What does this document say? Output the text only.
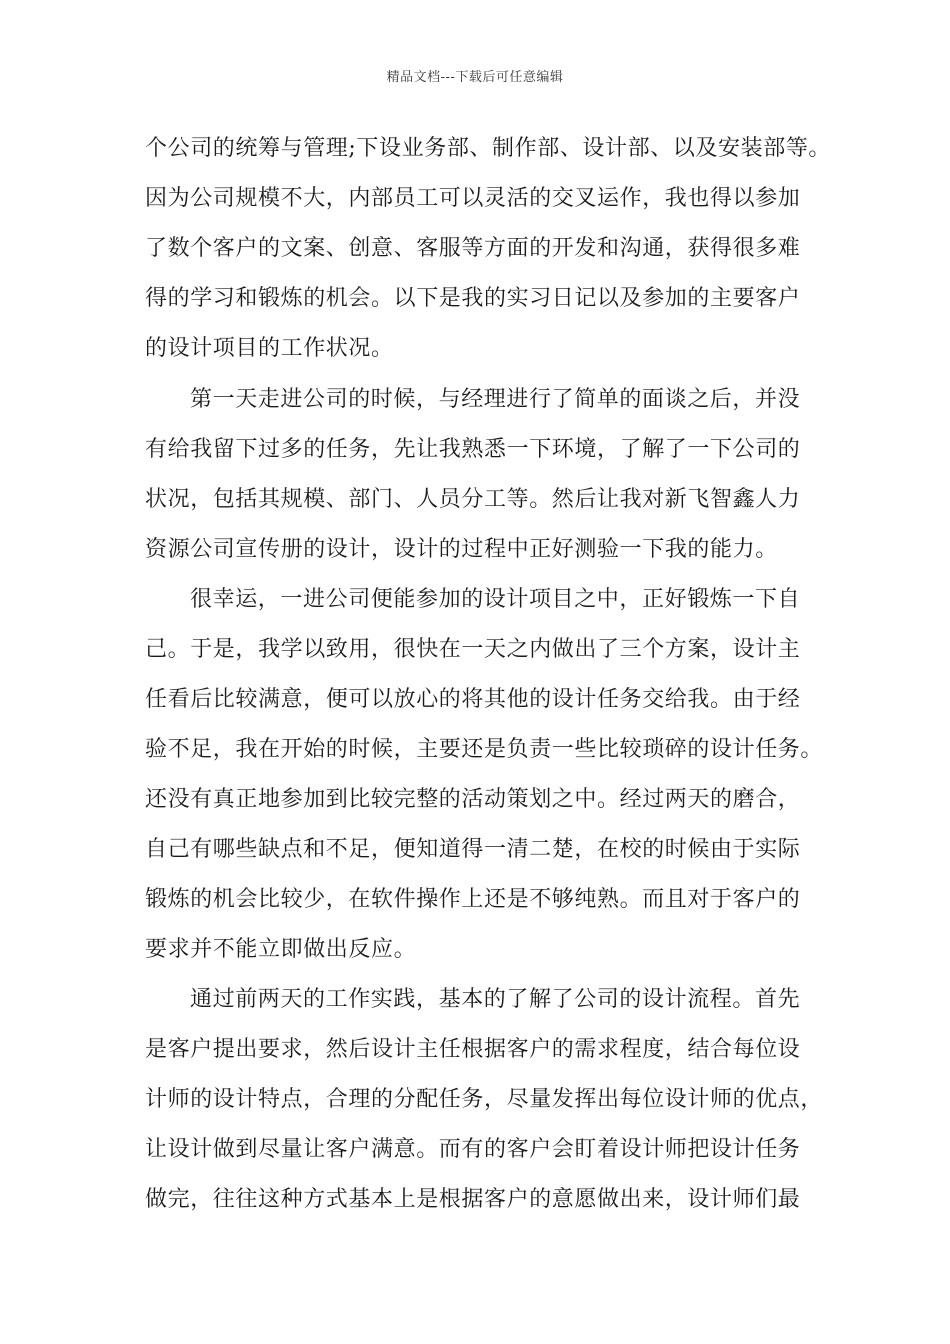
精品文档---下载后可任意编辑
个公司的统筹与管理;下设业务部、制作部、设计部、以及安装部等。
因为公司规模不大，内部员工可以灵活的交叉运作，我也得以参加
了数个客户的文案、创意、客服等方面的开发和沟通，获得很多难
得的学习和锻炼的机会。以下是我的实习日记以及参加的主要客户
的设计项目的工作状况。
第一天走进公司的时候，与经理进行了简单的面谈之后，并没
有给我留下过多的任务，先让我熟悉一下环境，了解了一下公司的
状况，包括其规模、部门、人员分工等。然后让我对新飞智鑫人力
资源公司宣传册的设计，设计的过程中正好测验一下我的能力。
很幸运，一进公司便能参加的设计项目之中，正好锻炼一下自
己。于是，我学以致用，很快在一天之内做出了三个方案，设计主
任看后比较满意，便可以放心的将其他的设计任务交给我。由于经
验不足，我在开始的时候，主要还是负责一些比较琐碎的设计任务。
还没有真正地参加到比较完整的活动策划之中。经过两天的磨合，
自己有哪些缺点和不足，便知道得一清二楚，在校的时候由于实际
锻炼的机会比较少，在软件操作上还是不够纯熟。而且对于客户的
要求并不能立即做出反应。
通过前两天的工作实践，基本的了解了公司的设计流程。首先
是客户提出要求，然后设计主任根据客户的需求程度，结合每位设
计师的设计特点，合理的分配任务，尽量发挥出每位设计师的优点，
让设计做到尽量让客户满意。而有的客户会盯着设计师把设计任务
做完，往往这种方式基本上是根据客户的意愿做出来，设计师们最
